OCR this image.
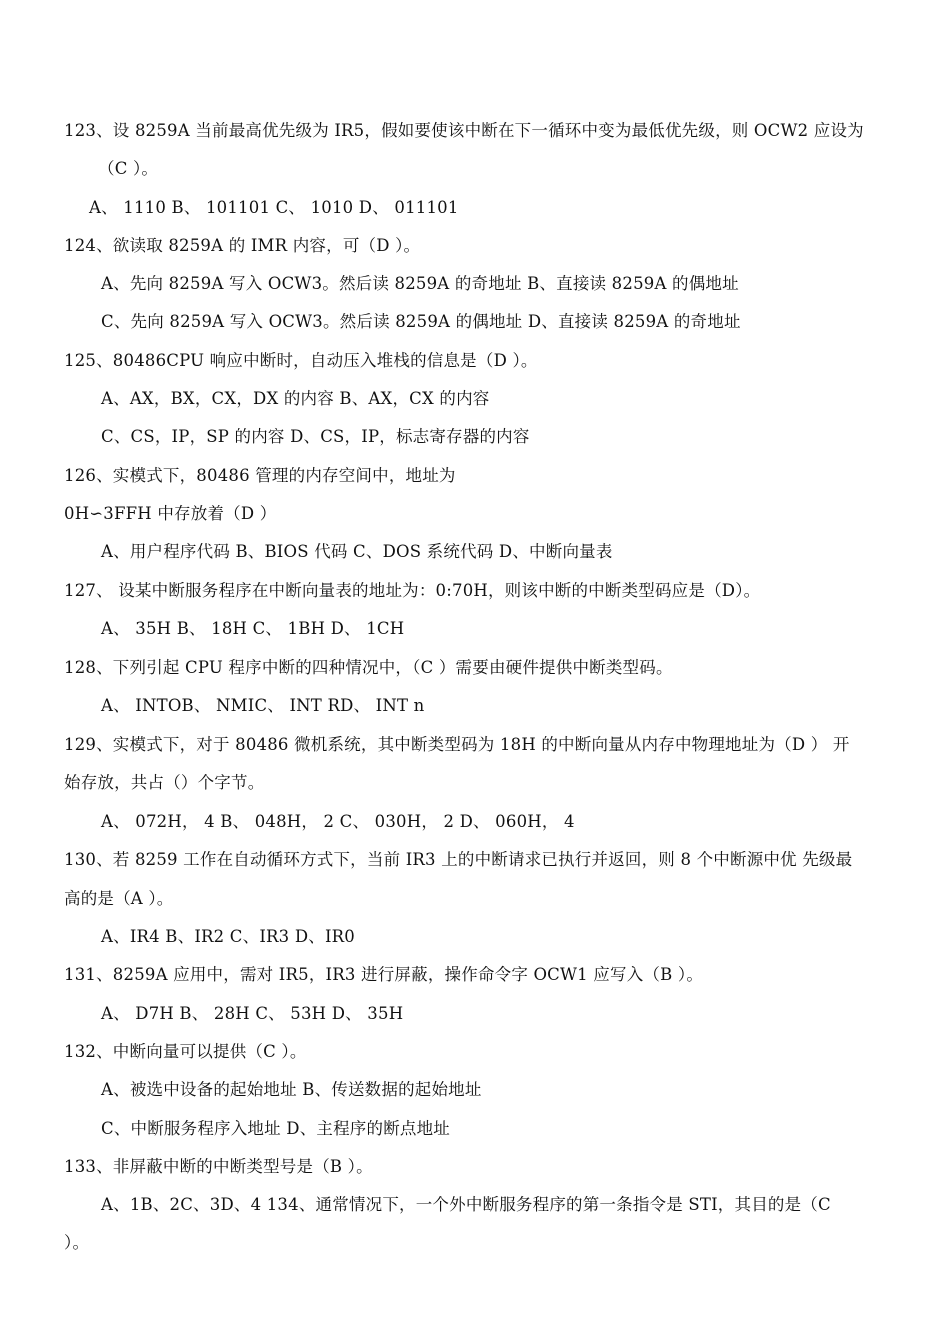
123、设 8259A 当前最高优先级为 IR5，假如要使该中断在下一循环中变为最低优先级，则 OCW2 应设为
（C ）。
A、 1110 B、 101101 C、 1010 D、 011101
124、欲读取 8259A 的 IMR 内容，可（D ）。
A、先向 8259A 写入 OCW3。然后读 8259A 的奇地址 B、直接读 8259A 的偶地址
C、先向 8259A 写入 OCW3。然后读 8259A 的偶地址 D、直接读 8259A 的奇地址
125、80486CPU 响应中断时，自动压入堆栈的信息是（D ）。
A、AX，BX，CX，DX 的内容 B、AX，CX 的内容
C、CS，IP，SP 的内容 D、CS，IP，标志寄存器的内容
126、实模式下，80486 管理的内存空间中，地址为
0H∽3FFH 中存放着（D ）
A、用户程序代码 B、BIOS 代码 C、DOS 系统代码 D、中断向量表
127、 设某中断服务程序在中断向量表的地址为：0:70H，则该中断的中断类型码应是（D）。
A、 35H B、 18H C、 1BH D、 1CH
128、下列引起 CPU 程序中断的四种情况中，（C ）需要由硬件提供中断类型码。
A、 INTOB、 NMIC、 INT RD、 INT n
129、实模式下，对于 80486 微机系统，其中断类型码为 18H 的中断向量从内存中物理地址为（D ） 开
始存放，共占（）个字节。
A、 072H， 4 B、 048H， 2 C、 030H， 2 D、 060H， 4
130、若 8259 工作在自动循环方式下，当前 IR3 上的中断请求已执行并返回，则 8 个中断源中优 先级最
高的是（A ）。
A、IR4 B、IR2 C、IR3 D、IR0
131、8259A 应用中，需对 IR5，IR3 进行屏蔽，操作命令字 OCW1 应写入（B ）。
A、 D7H B、 28H C、 53H D、 35H
132、中断向量可以提供（C ）。
A、被选中设备的起始地址 B、传送数据的起始地址
C、中断服务程序入地址 D、主程序的断点地址
133、非屏蔽中断的中断类型号是（B ）。
A、1B、2C、3D、4 134、通常情况下，一个外中断服务程序的第一条指令是 STI，其目的是（C
）。
